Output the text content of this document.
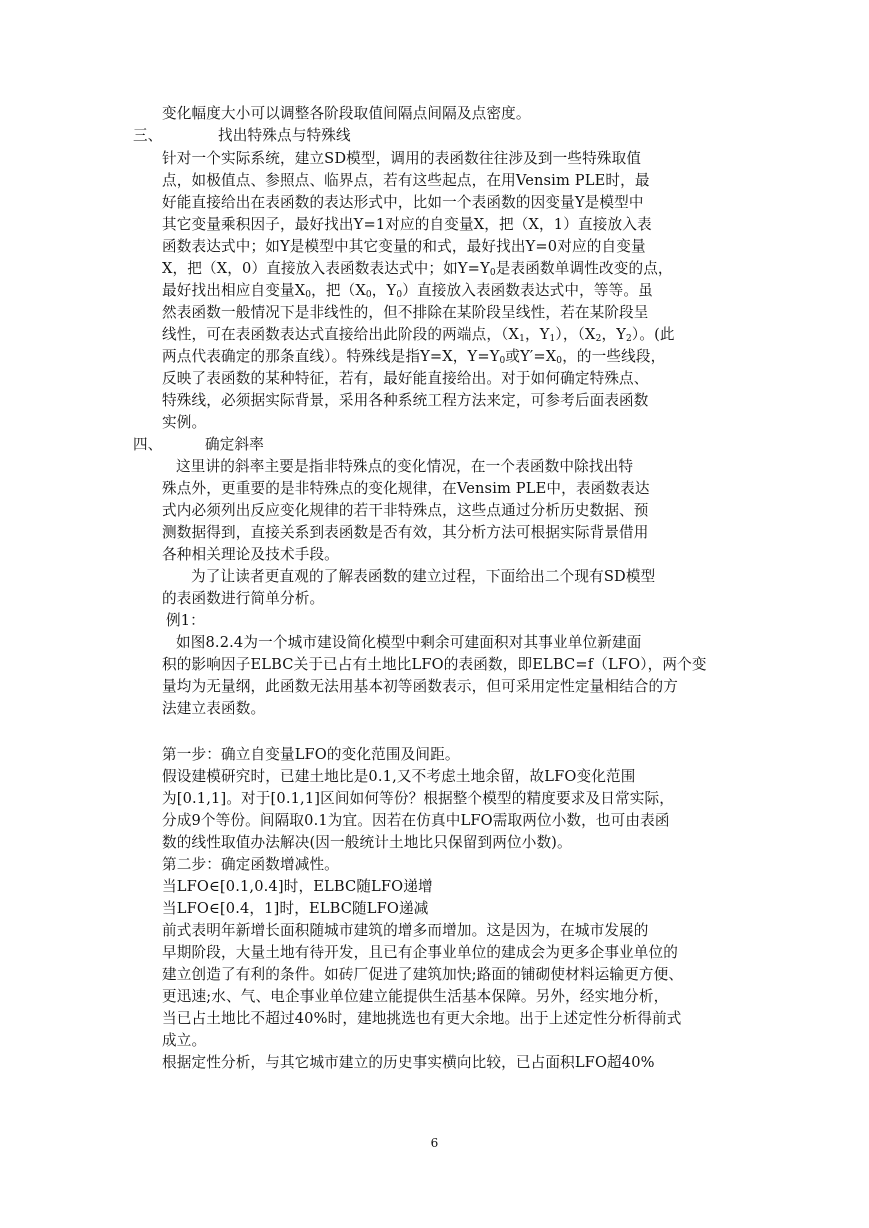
变化幅度大小可以调整各阶段取值间隔点间隔及点密度。
三、	找出特殊点与特殊线
针对一个实际系统，建立SD模型，调用的表函数往往涉及到一些特殊取值
点，如极值点、参照点、临界点，若有这些起点，在用Vensim PLE时，最
好能直接给出在表函数的表达形式中，比如一个表函数的因变量Y是模型中
其它变量乘积因子，最好找出Y=1对应的自变量X，把（X，1）直接放入表
函数表达式中；如Y是模型中其它变量的和式，最好找出Y=0对应的自变量
X，把（X，0）直接放入表函数表达式中；如$Y=Y_0$是表函数单调性改变的点，
最好找出相应自变量$X_0$，把（$X_0$，$Y_0$）直接放入表函数表达式中，等等。虽
然表函数一般情况下是非线性的，但不排除在某阶段呈线性，若在某阶段呈
线性，可在表函数表达式直接给出此阶段的两端点，（$X_1$，$Y_1$），（$X_2$，$Y_2$）。(此
两点代表确定的那条直线）。特殊线是指Y=X，$Y=Y_0$或$Y'=X_0$，的一些线段，
反映了表函数的某种特征，若有，最好能直接给出。对于如何确定特殊点、
特殊线，必须据实际背景，采用各种系统工程方法来定，可参考后面表函数
实例。
四、	确定斜率
这里讲的斜率主要是指非特殊点的变化情况，在一个表函数中除找出特
殊点外，更重要的是非特殊点的变化规律，在Vensim PLE中，表函数表达
式内必须列出反应变化规律的若干非特殊点，这些点通过分析历史数据、预
测数据得到，直接关系到表函数是否有效，其分析方法可根据实际背景借用
各种相关理论及技术手段。
为了让读者更直观的了解表函数的建立过程，下面给出二个现有SD模型
的表函数进行简单分析。
例1：
如图8.2.4为一个城市建设简化模型中剩余可建面积对其事业单位新建面
积的影响因子ELBC关于已占有土地比LFO的表函数，即ELBC=f（LFO），两个变
量均为无量纲，此函数无法用基本初等函数表示，但可采用定性定量相结合的方
法建立表函数。
第一步：确立自变量LFO的变化范围及间距。
假设建模研究时，已建土地比是0.1,又不考虑土地余留，故LFO变化范围
为[0.1,1]。对于[0.1,1]区间如何等份？根据整个模型的精度要求及日常实际，
分成9个等份。间隔取0.1为宜。因若在仿真中LFO需取两位小数，也可由表函
数的线性取值办法解决(因一般统计土地比只保留到两位小数)。
第二步：确定函数增减性。
当LFO∈[0.1,0.4]时，ELBC随LFO递增
当LFO∈[0.4，1]时，ELBC随LFO递减
前式表明年新增长面积随城市建筑的增多而增加。这是因为，在城市发展的
早期阶段，大量土地有待开发，且已有企事业单位的建成会为更多企事业单位的
建立创造了有利的条件。如砖厂促进了建筑加快;路面的铺砌使材料运输更方便、
更迅速;水、气、电企事业单位建立能提供生活基本保障。另外，经实地分析，
当已占土地比不超过40%时，建地挑选也有更大余地。出于上述定性分析得前式
成立。
根据定性分析，与其它城市建立的历史事实横向比较，已占面积LFO超40%
6
